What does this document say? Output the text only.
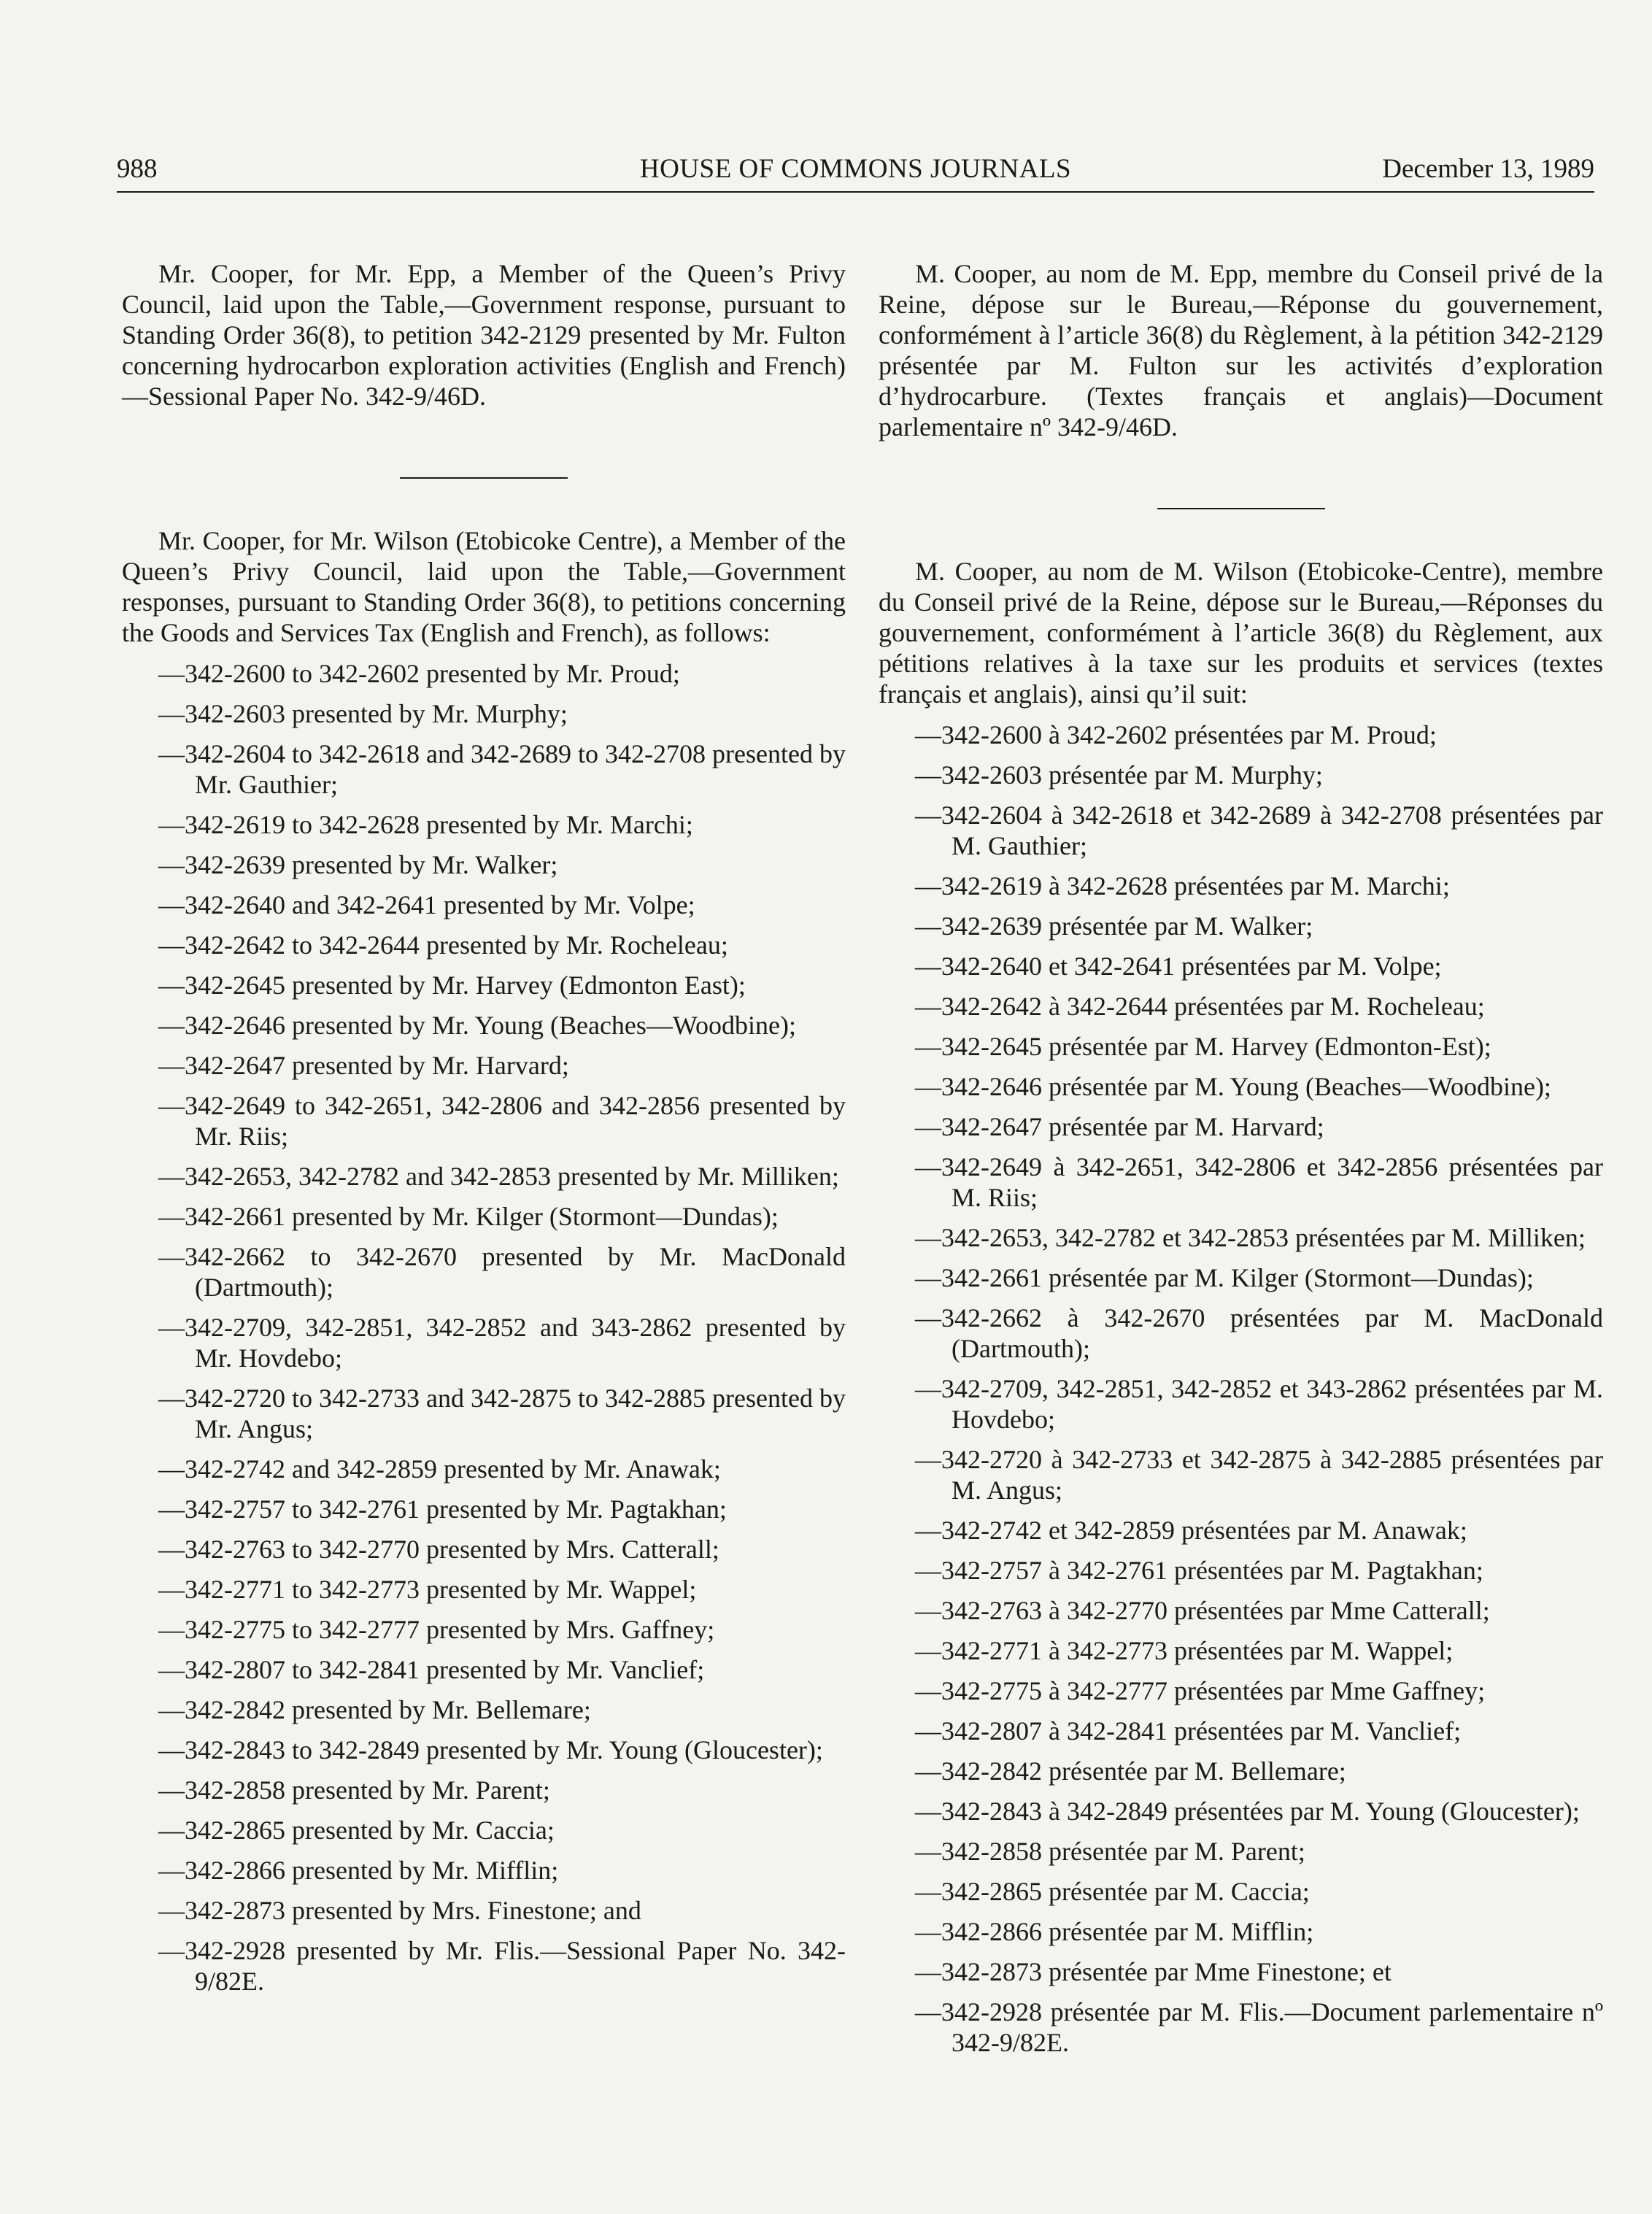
988	HOUSE OF COMMONS JOURNALS	December 13, 1989

Mr. Cooper, for Mr. Epp, a Member of the Queen’s Privy Council, laid upon the Table,—Government response, pursuant to Standing Order 36(8), to petition 342-2129 presented by Mr. Fulton concerning hydrocarbon exploration activities (English and French)—Sessional Paper No. 342-9/46D.

Mr. Cooper, for Mr. Wilson (Etobicoke Centre), a Member of the Queen’s Privy Council, laid upon the Table,—Government responses, pursuant to Standing Order 36(8), to petitions concerning the Goods and Services Tax (English and French), as follows:

—342-2600 to 342-2602 presented by Mr. Proud;
—342-2603 presented by Mr. Murphy;
—342-2604 to 342-2618 and 342-2689 to 342-2708 presented by Mr. Gauthier;
—342-2619 to 342-2628 presented by Mr. Marchi;
—342-2639 presented by Mr. Walker;
—342-2640 and 342-2641 presented by Mr. Volpe;
—342-2642 to 342-2644 presented by Mr. Rocheleau;
—342-2645 presented by Mr. Harvey (Edmonton East);
—342-2646 presented by Mr. Young (Beaches—Woodbine);
—342-2647 presented by Mr. Harvard;
—342-2649 to 342-2651, 342-2806 and 342-2856 presented by Mr. Riis;
—342-2653, 342-2782 and 342-2853 presented by Mr. Milliken;
—342-2661 presented by Mr. Kilger (Stormont—Dundas);
—342-2662 to 342-2670 presented by Mr. MacDonald (Dartmouth);
—342-2709, 342-2851, 342-2852 and 343-2862 presented by Mr. Hovdebo;
—342-2720 to 342-2733 and 342-2875 to 342-2885 presented by Mr. Angus;
—342-2742 and 342-2859 presented by Mr. Anawak;
—342-2757 to 342-2761 presented by Mr. Pagtakhan;
—342-2763 to 342-2770 presented by Mrs. Catterall;
—342-2771 to 342-2773 presented by Mr. Wappel;
—342-2775 to 342-2777 presented by Mrs. Gaffney;
—342-2807 to 342-2841 presented by Mr. Vanclief;
—342-2842 presented by Mr. Bellemare;
—342-2843 to 342-2849 presented by Mr. Young (Gloucester);
—342-2858 presented by Mr. Parent;
—342-2865 presented by Mr. Caccia;
—342-2866 presented by Mr. Mifflin;
—342-2873 presented by Mrs. Finestone; and
—342-2928 presented by Mr. Flis.—Sessional Paper No. 342-9/82E.

M. Cooper, au nom de M. Epp, membre du Conseil privé de la Reine, dépose sur le Bureau,—Réponse du gouvernement, conformément à l’article 36(8) du Règlement, à la pétition 342-2129 présentée par M. Fulton sur les activités d’exploration d’hydrocarbure. (Textes français et anglais)—Document parlementaire nº 342-9/46D.

M. Cooper, au nom de M. Wilson (Etobicoke-Centre), membre du Conseil privé de la Reine, dépose sur le Bureau,—Réponses du gouvernement, conformément à l’article 36(8) du Règlement, aux pétitions relatives à la taxe sur les produits et services (textes français et anglais), ainsi qu’il suit:

—342-2600 à 342-2602 présentées par M. Proud;
—342-2603 présentée par M. Murphy;
—342-2604 à 342-2618 et 342-2689 à 342-2708 présentées par M. Gauthier;
—342-2619 à 342-2628 présentées par M. Marchi;
—342-2639 présentée par M. Walker;
—342-2640 et 342-2641 présentées par M. Volpe;
—342-2642 à 342-2644 présentées par M. Rocheleau;
—342-2645 présentée par M. Harvey (Edmonton-Est);
—342-2646 présentée par M. Young (Beaches—Woodbine);
—342-2647 présentée par M. Harvard;
—342-2649 à 342-2651, 342-2806 et 342-2856 présentées par M. Riis;
—342-2653, 342-2782 et 342-2853 présentées par M. Milliken;
—342-2661 présentée par M. Kilger (Stormont—Dundas);
—342-2662 à 342-2670 présentées par M. MacDonald (Dartmouth);
—342-2709, 342-2851, 342-2852 et 343-2862 présentées par M. Hovdebo;
—342-2720 à 342-2733 et 342-2875 à 342-2885 présentées par M. Angus;
—342-2742 et 342-2859 présentées par M. Anawak;
—342-2757 à 342-2761 présentées par M. Pagtakhan;
—342-2763 à 342-2770 présentées par Mme Catterall;
—342-2771 à 342-2773 présentées par M. Wappel;
—342-2775 à 342-2777 présentées par Mme Gaffney;
—342-2807 à 342-2841 présentées par M. Vanclief;
—342-2842 présentée par M. Bellemare;
—342-2843 à 342-2849 présentées par M. Young (Gloucester);
—342-2858 présentée par M. Parent;
—342-2865 présentée par M. Caccia;
—342-2866 présentée par M. Mifflin;
—342-2873 présentée par Mme Finestone; et
—342-2928 présentée par M. Flis.—Document parlementaire nº 342-9/82E.
